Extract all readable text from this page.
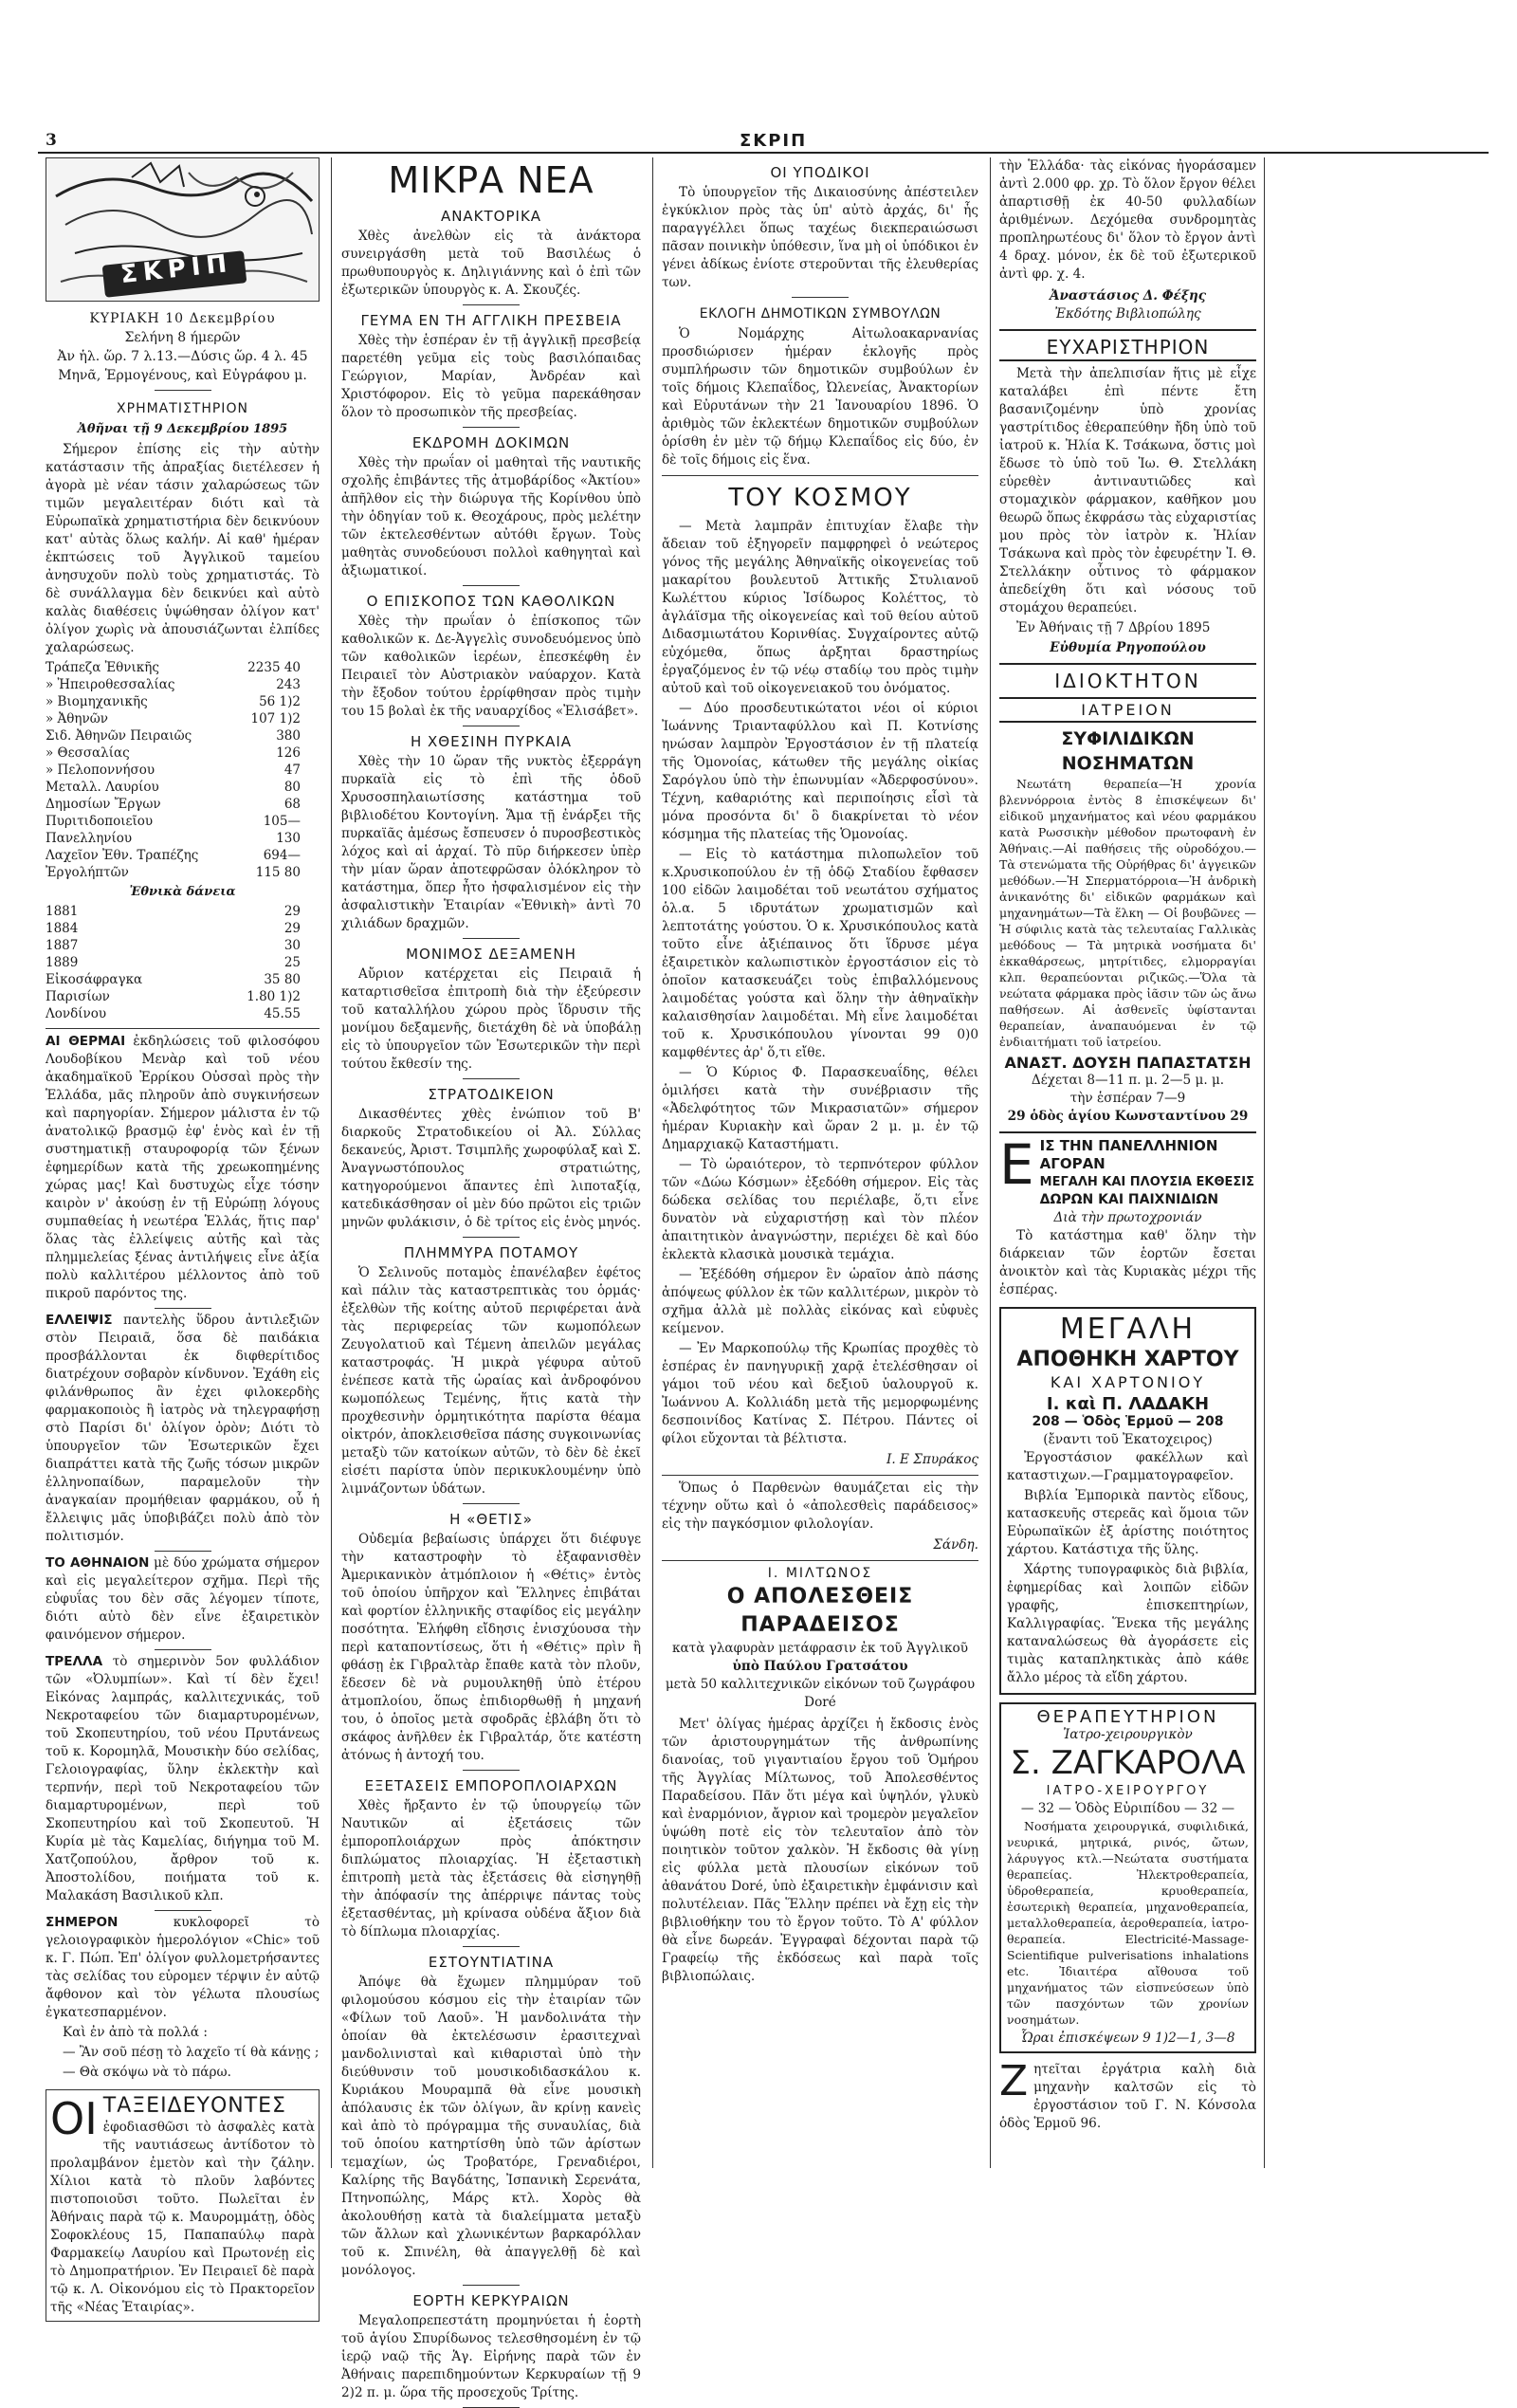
3	ΣΚΡΙΠ
ΣΚΡΙΠ
ΚΥΡΙΑΚΗ 10 Δεκεμβρίου
Σελήνη 8 ήμερῶν
Ἀν ἡλ. ὥρ. 7 λ.13.—Δύσις ὥρ. 4 λ. 45
Μηνᾶ, Ἑρμογένους, καὶ Εὐγράφου μ.
ΧΡΗΜΑΤΙΣΤΗΡΙΟΝ
Ἀθῆναι τῇ 9 Δεκεμβρίου 1895
Σήμερον ἐπίσης εἰς τὴν αὐτὴν κατάστασιν τῆς ἀπραξίας διετέλεσεν ἡ ἀγορὰ μὲ νέαν τάσιν χαλαρώσεως τῶν τιμῶν μεγαλειτέραν διότι καὶ τὰ Εὐρωπαϊκὰ χρηματιστήρια δὲν δεικνύουν κατ' αὐτὰς ὅλως καλήν. Αἱ καθ' ἡμέραν ἐκπτώσεις τοῦ Ἀγγλικοῦ ταμείου ἀνησυχοῦν πολὺ τοὺς χρηματιστάς. Τὸ δὲ συνάλλαγμα δὲν δεικνύει καὶ αὐτὸ καλὰς διαθέσεις ὑψώθησαν ὀλίγον κατ' ὀλίγον χωρὶς νὰ ἀπουσιάζωνται ἐλπίδες χαλαρώσεως.
Τράπεζα Ἐθνικῆς	2235 40
» Ἠπειροθεσσαλίας	243
» Βιομηχανικῆς	56 1)2
» Ἀθηνῶν	107 1)2
Σιδ. Ἀθηνῶν Πειραιῶς	380
» Θεσσαλίας	126
» Πελοποννήσου	47
Μεταλλ. Λαυρίου	80
Δημοσίων Ἔργων	68
Πυριτιδοποιεῖου	105—
Πανελληνίου	130
Λαχεῖον Ἐθν. Τραπέζης	694—
Ἐργολήπτῶν	115 80
Ἐθνικὰ δάνεια
1881	29
1884	29
1887	30
1889	25
Εἰκοσάφραγκα	35 80
Παρισίων	1.80 1)2
Λονδίνου	45.55
ΑΙ ΘΕΡΜΑΙ ἐκδηλώσεις τοῦ φιλοσόφου Λουδοβίκου Μενὰρ καὶ τοῦ νέου ἀκαδημαϊκοῦ Ἐρρίκου Οὐσσαὶ πρὸς τὴν Ἑλλάδα, μᾶς πληροῦν ἀπὸ συγκινήσεων καὶ παρηγορίαν. Σήμερον μάλιστα ἐν τῷ ἀνατολικῷ βρασμῷ ἐφ' ἑνὸς καὶ ἐν τῇ συστηματικῇ σταυροφορίᾳ τῶν ξένων ἐφημερίδων κατὰ τῆς χρεωκοπημένης χώρας μας! Καὶ δυστυχὼς εἶχε τόσην καιρὸν ν' ἀκούσῃ ἐν τῇ Εὐρώπῃ λόγους συμπαθείας ἡ νεωτέρα Ἑλλάς, ἥτις παρ' ὅλας τὰς ἐλλείψεις αὐτῆς καὶ τὰς πλημμελείας ξένας ἀντιλήψεις εἶνε ἀξία πολὺ καλλιτέρου μέλλοντος ἀπὸ τοῦ πικροῦ παρόντος της.
ΕΛΛΕΙΨΙΣ παντελὴς ὕδρου ἀντιλεξιῶν στὸν Πειραιᾶ, ὅσα δὲ παιδάκια προσβάλλονται ἐκ διφθερίτιδος διατρέχουν σοβαρὸν κίνδυνον. Ἐχάθη εἰς φιλάνθρωπος ἂν ἐχει φιλοκερδὴς φαρμακοποιὸς ἢ ἰατρὸς νὰ τηλεγραφήσῃ στὸ Παρίσι δι' ὀλίγον ὀρὸν; Διότι τὸ ὑπουργεῖον τῶν Ἐσωτερικῶν ἔχει διαπράττει κατὰ τῆς ζωῆς τόσων μικρῶν ἑλληνοπαίδων, παραμελοῦν τὴν ἀναγκαίαν προμήθειαν φαρμάκου, οὗ ἡ ἔλλειψις μᾶς ὑποβιβάζει πολὺ ἀπὸ τὸν πολιτισμόν.
ΤΟ ΑΘΗΝΑΙΟΝ μὲ δύο χρώματα σήμερον καὶ εἰς μεγαλείτερον σχῆμα. Περὶ τῆς εὐφυΐας του δὲν σᾶς λέγομεν τίποτε, διότι αὐτὸ δὲν εἶνε ἐξαιρετικὸν φαινόμενον σήμερον.
ΤΡΕΛΛΑ τὸ σημερινὸν 5ον φυλλάδιον τῶν «Ὀλυμπίων». Καὶ τί δὲν ἔχει! Εἰκόνας λαμπράς, καλλιτεχνικάς, τοῦ Νεκροταφείου τῶν διαμαρτυρομένων, τοῦ Σκοπευτηρίου, τοῦ νέου Πρυτάνεως τοῦ κ. Κορομηλᾶ, Μουσικὴν δύο σελίδας, Γελοιογραφίας, ὕλην ἐκλεκτὴν καὶ τερπνήν, περὶ τοῦ Νεκροταφείου τῶν διαμαρτυρομένων, περὶ τοῦ Σκοπευτηρίου καὶ τοῦ Σκοπευτοῦ. Ἡ Κυρία μὲ τὰς Καμελίας, διήγημα τοῦ Μ. Χατζοπούλου, ἄρθρον τοῦ κ. Ἀποστολίδου, ποιήματα τοῦ κ. Μαλακάση Βασιλικοῦ κλπ.
ΣΗΜΕΡΟΝ	κυκλοφορεῖ τὸ γελοιογραφικὸν ἡμερολόγιον «Chic» τοῦ κ. Γ. Πώπ. Ἐπ' ὀλίγον φυλλομετρήσαντες τὰς σελίδας του εὑρομεν τέρψιν ἐν αὐτῷ ἄφθονον καὶ τὸν γέλωτα πλουσίως ἐγκατεσπαρμένον.
Καὶ ἐν ἀπὸ τὰ πολλά :
— Ἂν σοῦ πέσῃ τὸ λαχεῖο τί θὰ κάνῃς ;
— Θὰ σκόψω νὰ τὸ πάρω.
ΟΙ ΤΑΞΕΙΔΕΥΟΝΤΕΣ
ἐφοδιασθῶσι τὸ ἀσφαλὲς κατὰ τῆς ναυτιάσεως ἀντίδοτον τὸ προλαμβάνον ἐμετὸν καὶ τὴν ζάλην. Χίλιοι κατὰ τὸ πλοῦν λαβόντες πιστοποιοῦσι τοῦτο. Πωλεῖται ἐν Ἀθήναις παρὰ τῷ κ. Μαυρομμάτῃ, ὁδὸς Σοφοκλέους 15, Παπαπαύλῳ παρὰ Φαρμακείῳ Λαυρίου καὶ Πρωτονέῃ εἰς τὸ Δημοπρατήριον. Ἐν Πειραιεῖ δὲ παρὰ τῷ κ. Λ. Οἰκονόμου εἰς τὸ Πρακτορεῖον τῆς «Νέας Ἑταιρίας».
ΜΙΚΡΑ ΝΕΑ
ΑΝΑΚΤΟΡΙΚΑ
Χθὲς ἀνελθὼν εἰς τὰ ἀνάκτορα συνειργάσθη μετὰ τοῦ Βασιλέως ὁ πρωθυπουργὸς κ. Δηλιγιάννης καὶ ὁ ἐπὶ τῶν ἐξωτερικῶν ὑπουργὸς κ. Α. Σκουζές.
ΓΕΥΜΑ ΕΝ ΤΗ ΑΓΓΛΙΚΗ ΠΡΕΣΒΕΙΑ
Χθὲς τὴν ἑσπέραν ἐν τῇ ἀγγλικῇ πρεσβείᾳ παρετέθη γεῦμα εἰς τοὺς βασιλόπαιδας Γεώργιον, Μαρίαν, Ἀνδρέαν καὶ Χριστόφορον. Εἰς τὸ γεῦμα παρεκάθησαν ὅλον τὸ προσωπικὸν τῆς πρεσβείας.
ΕΚΔΡΟΜΗ ΔΟΚΙΜΩΝ
Χθὲς τὴν πρωΐαν οἱ μαθηταὶ τῆς ναυτικῆς σχολῆς ἐπιβάντες τῆς ἀτμοβάρίδος «Ἀκτίου» ἀπῆλθον εἰς τὴν διώρυγα τῆς Κορίνθου ὑπὸ τὴν ὁδηγίαν τοῦ κ. Θεοχάρους, πρὸς μελέτην τῶν ἐκτελεσθέντων αὐτόθι ἔργων. Τοὺς μαθητὰς συνοδεύουσι πολλοὶ καθηγηταὶ καὶ ἀξιωματικοί.
Ο ΕΠΙΣΚΟΠΟΣ ΤΩΝ ΚΑΘΟΛΙΚΩΝ
Χθὲς τὴν πρωΐαν ὁ ἐπίσκοπος τῶν καθολικῶν κ. Δε-Ἀγγελὶς συνοδευόμενος ὑπὸ τῶν καθολικῶν ἱερέων, ἐπεσκέφθη ἐν Πειραιεῖ τὸν Αὐστριακὸν ναύαρχον. Κατὰ τὴν ἔξοδον τούτου ἐρρίφθησαν πρὸς τιμὴν του 15 βολαὶ ἐκ τῆς ναυαρχίδος «Ἐλισάβετ».
Η ΧΘΕΣΙΝΗ ΠΥΡΚΑΙΑ
Χθὲς τὴν 10 ὥραν τῆς νυκτὸς ἐξερράγη πυρκαϊὰ εἰς τὸ ἐπὶ τῆς ὁδοῦ Χρυσοσπηλαιωτίσσης κατάστημα τοῦ βιβλιοδέτου Κοντογίνη. Ἅμα τῇ ἐνάρξει τῆς πυρκαϊᾶς ἀμέσως ἔσπευσεν ὁ πυροσβεστικὸς λόχος καὶ αἱ ἀρχαί. Τὸ πῦρ διήρκεσεν ὑπὲρ τὴν μίαν ὥραν ἀποτεφρῶσαν ὁλόκληρον τὸ κατάστημα, ὅπερ ἦτο ἠσφαλισμένον εἰς τὴν ἀσφαλιστικὴν Ἑταιρίαν «Ἐθνικὴ» ἀντὶ 70 χιλιάδων δραχμῶν.
ΜΟΝΙΜΟΣ ΔΕΞΑΜΕΝΗ
Αὔριον κατέρχεται εἰς Πειραιᾶ ἡ καταρτισθεῖσα ἐπιτροπὴ διὰ τὴν ἐξεύρεσιν τοῦ καταλλήλου χώρου πρὸς ἵδρυσιν τῆς μονίμου δεξαμενῆς, διετάχθη δὲ νὰ ὑποβάλῃ εἰς τὸ ὑπουργεῖον τῶν Ἐσωτερικῶν τὴν περὶ τούτου ἔκθεσίν της.
ΣΤΡΑΤΟΔΙΚΕΙΟΝ
Δικασθέντες χθὲς ἐνώπιον τοῦ Β' διαρκοῦς Στρατοδικείου οἱ Ἀλ. Σύλλας δεκανεύς, Ἀριστ. Τσιμπλῆς χωροφύλαξ καὶ Σ. Ἀναγνωστόπουλος στρατιώτης, κατηγορούμενοι ἅπαντες ἐπὶ λιποταξίᾳ, κατεδικάσθησαν οἱ μὲν δύο πρῶτοι εἰς τριῶν μηνῶν φυλάκισιν, ὁ δὲ τρίτος εἰς ἑνὸς μηνός.
ΠΛΗΜΜΥΡΑ ΠΟΤΑΜΟΥ
Ὁ Σελινοῦς ποταμὸς ἐπανέλαβεν ἐφέτος καὶ πάλιν τὰς καταστρεπτικὰς του ὁρμάς· ἐξελθὼν τῆς κοίτης αὐτοῦ περιφέρεται ἀνὰ τὰς περιφερείας τῶν κωμοπόλεων Ζευγολατιοῦ καὶ Τέμενη ἀπειλῶν μεγάλας καταστροφάς. Ἡ μικρὰ γέφυρα αὐτοῦ ἐνέπεσε κατὰ τῆς ὡραίας καὶ ἀνδροφόνου κωμοπόλεως Τεμένης, ἥτις κατὰ τὴν προχθεσινὴν ὁρμητικότητα παρίστα θέαμα οἰκτρόν, ἀποκλεισθεῖσα πάσης συγκοινωνίας μεταξὺ τῶν κατοίκων αὐτῶν, τὸ δὲν δὲ ἐκεῖ εἰσέτι παρίστα ὑπὸν περικυκλουμένην ὑπὸ λιμνάζοντων ὑδάτων.
Η «ΘΕΤΙΣ»
Οὐδεμία βεβαίωσις ὑπάρχει ὅτι διέφυγε τὴν καταστροφὴν τὸ ἐξαφανισθὲν Ἀμερικανικὸν ἀτμόπλοιον ἡ «Θέτις» ἐντὸς τοῦ ὁποίου ὑπῆρχον καὶ Ἕλληνες ἐπιβάται καὶ φορτίον ἑλληνικῆς σταφίδος εἰς μεγάλην ποσότητα. Ἐλήφθη εἴδησις ἐνισχύουσα τὴν περὶ καταποντίσεως, ὅτι ἡ «Θέτις» πρὶν ἢ φθάσῃ ἐκ Γιβραλτὰρ ἔπαθε κατὰ τὸν πλοῦν, ἔδεσεν δὲ νὰ ρυμουλκηθῇ ὑπὸ ἑτέρου ἀτμοπλοίου, ὅπως ἐπιδιορθωθῇ ἡ μηχανή του, ὁ ὁποῖος μετὰ σφοδρᾶς ἐβλάβη ὅτι τὸ σκάφος ἀνῆλθεν ἐκ Γιβραλτάρ, ὅτε κατέστη ἀτόνως ἡ ἀντοχή του.
ΕΞΕΤΑΣΕΙΣ ΕΜΠΟΡΟΠΛΟΙΑΡΧΩΝ
Χθὲς ἤρξαντο ἐν τῷ ὑπουργείῳ τῶν Ναυτικῶν αἱ ἐξετάσεις τῶν ἐμποροπλοιάρχων πρὸς ἀπόκτησιν διπλώματος πλοιαρχίας. Ἡ ἐξεταστικὴ ἐπιτροπὴ μετὰ τὰς ἐξετάσεις θὰ εἰσηγηθῇ τὴν ἀπόφασίν της ἀπέρριψε πάντας τοὺς ἐξετασθέντας, μὴ κρίνασα οὐδένα ἄξιον διὰ τὸ δίπλωμα πλοιαρχίας.
ΕΣΤΟΥΝΤΙΑΤΙΝΑ
Ἀπόψε θὰ ἔχωμεν πλημμύραν τοῦ φιλομούσου κόσμου εἰς τὴν ἑταιρίαν τῶν «Φίλων τοῦ Λαοῦ». Ἡ μανδολινάτα τὴν ὁποίαν θὰ ἐκτελέσωσιν ἐρασιτεχναὶ μανδολινισταὶ καὶ κιθαρισταὶ ὑπὸ τὴν διεύθυνσιν τοῦ μουσικοδιδασκάλου κ. Κυριάκου Μουραμπᾶ θὰ εἶνε μουσικὴ ἀπόλαυσις ἐκ τῶν ὀλίγων, ἂν κρίνῃ κανεὶς καὶ ἀπὸ τὸ πρόγραμμα τῆς συναυλίας, διὰ τοῦ ὁποίου κατηρτίσθη ὑπὸ τῶν ἀρίστων τεμαχίων, ὡς Τροβατόρε, Γρεναδιέροι, Καλίρης τῆς Βαγδάτης, Ἰσπανικὴ Σερενάτα, Πτηνοπώλης, Μάρς κτλ. Χορὸς θὰ ἀκολουθήσῃ κατὰ τὰ διαλείμματα μεταξὺ τῶν ἄλλων καὶ χλωνικέντων βαρκαρόλλαν τοῦ κ. Σπινέλη, θὰ ἀπαγγελθῇ δὲ καὶ μονόλογος.
ΕΟΡΤΗ ΚΕΡΚΥΡΑΙΩΝ
Μεγαλοπρεπεστάτη προμηνύεται ἡ ἑορτὴ τοῦ ἁγίου Σπυρίδωνος τελεσθησομένη ἐν τῷ ἱερῷ ναῷ τῆς Ἁγ. Εἰρήνης παρὰ τῶν ἐν Ἀθήναις παρεπιδημούντων Κερκυραίων τῇ 9 2)2 π. μ. ὥρα τῆς προσεχοῦς Τρίτης.
ΟΙ ΥΠΟΔΙΚΟΙ
Τὸ ὑπουργεῖον τῆς Δικαιοσύνης ἀπέστειλεν ἐγκύκλιον πρὸς τὰς ὑπ' αὐτὸ ἀρχάς, δι' ἧς παραγγέλλει ὅπως ταχέως διεκπεραιώσωσι πᾶσαν ποινικὴν ὑπόθεσιν, ἵνα μὴ οἱ ὑπόδικοι ἐν γένει ἀδίκως ἐνίοτε στεροῦνται τῆς ἐλευθερίας των.
ΕΚΛΟΓΗ ΔΗΜΟΤΙΚΩΝ ΣΥΜΒΟΥΛΩΝ
Ὁ Νομάρχης Αἰτωλοακαρνανίας προσδιώρισεν ἡμέραν ἐκλογῆς πρὸς συμπλήρωσιν τῶν δημοτικῶν συμβούλων ἐν τοῖς δήμοις Κλεπαΐδος, Ὠλενείας, Ἀνακτορίων καὶ Εὐρυτάνων τὴν 21 Ἰανουαρίου 1896. Ὁ ἀριθμὸς τῶν ἐκλεκτέων δημοτικῶν συμβούλων ὁρίσθη ἐν μὲν τῷ δήμῳ Κλεπαΐδος εἰς δύο, ἐν δὲ τοῖς δήμοις εἰς ἕνα.
ΤΟΥ ΚΟΣΜΟΥ
— Μετὰ λαμπρᾶν ἐπιτυχίαν ἔλαβε τὴν ἄδειαν τοῦ ἐξηγορεῖν παμφρηφεὶ ὁ νεώτερος γόνος τῆς μεγάλης Ἀθηναϊκῆς οἰκογενείας τοῦ μακαρίτου βουλευτοῦ Ἀττικῆς Στυλιανοῦ Κωλέττου κύριος Ἰσίδωρος Κολέττος, τὸ ἀγλάϊσμα τῆς οἰκογενείας καὶ τοῦ θείου αὐτοῦ Διδασμιωτάτου Κορινθίας. Συγχαίροντες αὐτῷ εὐχόμεθα, ὅπως ἀρξηται δραστηρίως ἐργαζόμενος ἐν τῷ νέῳ σταδίῳ του πρὸς τιμὴν αὐτοῦ καὶ τοῦ οἰκογενειακοῦ του ὀνόματος.
— Δύο προσδευτικώτατοι νέοι οἱ κύριοι Ἰωάννης Τριανταφύλλου καὶ Π. Κοτνίσης ηνώσαν λαμπρὸν Ἐργοστάσιον ἐν τῇ πλατείᾳ τῆς Ὁμονοίας, κάτωθεν τῆς μεγάλης οἰκίας Σαρόγλου ὑπὸ τὴν ἐπωνυμίαν «Ἀδερφοσύνου». Τέχνη, καθαριότης καὶ περιποίησις εἶσὶ τὰ μόνα προσόντα δι' ὃ διακρίνεται τὸ νέον κόσμημα τῆς πλατείας τῆς Ὁμονοίας.
— Εἰς τὸ κατάστημα πιλοπωλεῖον τοῦ κ.Χρυσικοπούλου ἐν τῇ ὁδῷ Σταδίου ἔφθασεν 100 εἰδῶν λαιμοδέται τοῦ νεωτάτου σχήματος ὁλ.α. 5 ιδρυτάτων χρωματισμῶν καὶ λεπτοτάτης γούστου. Ὁ κ. Χρυσικόπουλος κατὰ τοῦτο εἶνε ἀξιέπαινος ὅτι ἵδρυσε μέγα ἐξαιρετικὸν καλωπιστικὸν ἐργοστάσιον εἰς τὸ ὁποῖον κατασκευάζει τοὺς ἐπιβαλλόμενους λαιμοδέτας γούστα καὶ ὅλην τὴν ἀθηναϊκὴν καλαισθησίαν λαιμοδέται. Μὴ εἶνε λαιμοδέται τοῦ κ. Χρυσικόπουλου γίνονται 99 0)0 καμφθέντες ἀρ' ὅ,τι εἴθε.
— Ὁ Κύριος Φ. Παρασκευαΐδης, θέλει ὁμιλήσει κατὰ τὴν συνέβριασιν τῆς «Ἀδελφότητος τῶν Μικρασιατῶν» σήμερον ἡμέραν Κυριακὴν καὶ ὥραν 2 μ. μ. ἐν τῷ Δημαρχιακῷ Καταστήματι.
— Τὸ ὡραιότερον, τὸ τερπνότερον φύλλον τῶν «Δώω Κόσμων» ἐξεδόθη σήμερον. Εἰς τὰς δώδεκα σελίδας του περιέλαβε, ὅ,τι εἶνε δυνατὸν νὰ εὐχαριστήσῃ καὶ τὸν πλέον ἀπαιτητικὸν ἀναγνώστην, περιέχει δὲ καὶ δύο ἐκλεκτὰ κλασικὰ μουσικὰ τεμάχια.
— Ἐξέδόθη σήμερον ἓν ὡραῖον ἀπὸ πάσης ἀπόψεως φύλλον ἐκ τῶν καλλιτέρων, μικρὸν τὸ σχῆμα ἀλλὰ μὲ πολλὰς εἰκόνας καὶ εὐφυὲς κείμενον.
— Ἐν Μαρκοπούλῳ τῆς Κρωπίας προχθὲς τὸ ἑσπέρας ἐν πανηγυρικῇ χαρᾷ ἐτελέσθησαν οἱ γάμοι τοῦ νέου καὶ δεξιοῦ ὑαλουργοῦ κ. Ἰωάννου Α. Κολλιάδη μετὰ τῆς μεμορφωμένης δεσποινίδος Κατίνας Σ. Πέτρου. Πάντες οἱ φίλοι εὔχονται τὰ βέλτιστα.
Ι. Ε Σπυράκος
Ὅπως ὁ Παρθενὼν θαυμάζεται εἰς τὴν τέχνην οὕτω καὶ ὁ «ἀπολεσθεὶς παράδεισος» εἰς τὴν παγκόσμιον φιλολογίαν.
Σάνδη.
Ι. ΜΙΛΤΩΝΟΣ
Ο ΑΠΟΛΕΣΘΕΙΣ ΠΑΡΑΔΕΙΣΟΣ
κατὰ γλαφυρὰν μετάφρασιν ἐκ τοῦ Ἀγγλικοῦ
ὑπὸ Παύλου Γρατσάτου
μετὰ 50 καλλιτεχνικῶν εἰκόνων τοῦ ζωγράφου Doré
Μετ' ὀλίγας ἡμέρας ἀρχίζει ἡ ἔκδοσις ἑνὸς τῶν ἀριστουργημάτων τῆς ἀνθρωπίνης διανοίας, τοῦ γιγαντιαίου ἔργου τοῦ Ὁμήρου τῆς Ἀγγλίας Μίλτωνος, τοῦ Ἀπολεσθέντος Παραδείσου. Πᾶν ὅτι μέγα καὶ ὑψηλόν, γλυκὺ καὶ ἐναρμόνιον, ἄγριον καὶ τρομερὸν μεγαλεῖον ὑψώθη ποτὲ εἰς τὸν τελευταῖον ἀπὸ τὸν ποιητικὸν τοῦτον χαλκὸν. Ἡ ἔκδοσις θὰ γίνῃ εἰς φύλλα μετὰ πλουσίων εἰκόνων τοῦ ἀθανάτου Doré, ὑπὸ ἐξαιρετικὴν ἐμφάνισιν καὶ πολυτέλειαν. Πᾶς Ἕλλην πρέπει νὰ ἔχῃ εἰς τὴν βιβλιοθήκην του τὸ ἔργον τοῦτο. Τὸ Α' φύλλον θὰ εἶνε δωρεάν. Ἐγγραφαὶ δέχονται παρὰ τῷ Γραφείῳ τῆς ἐκδόσεως καὶ παρὰ τοῖς βιβλιοπώλαις.
τὴν Ἑλλάδα· τὰς εἰκόνας ἠγοράσαμεν ἀντὶ 2.000 φρ. χρ. Τὸ ὅλον ἔργον θέλει ἀπαρτισθῇ ἐκ 40-50 φυλλαδίων ἀριθμένων. Δεχόμεθα συνδρομητὰς προπληρωτέους δι' ὅλον τὸ ἔργον ἀντὶ 4 δραχ. μόνον, ἐκ δὲ τοῦ ἐξωτερικοῦ ἀντὶ φρ. χ. 4.
Ἀναστάσιος Δ. Φέξης
Ἐκδότης Βιβλιοπώλης
ΕΥΧΑΡΙΣΤΗΡΙΟΝ
Μετὰ τὴν ἀπελπισίαν ἥτις μὲ εἶχε καταλάβει ἐπὶ πέντε ἔτη βασανιζομένην ὑπὸ χρονίας γαστρίτιδος ἐθεραπεύθην ἤδη ὑπὸ τοῦ ἰατροῦ κ. Ἠλία Κ. Τσάκωνα, ὅστις μοὶ ἔδωσε τὸ ὑπὸ τοῦ Ἰω. Θ. Στελλάκη εὑρεθὲν ἀντιναυτιῶδες καὶ στομαχικὸν φάρμακον, καθῆκον μου θεωρῶ ὅπως ἐκφράσω τὰς εὐχαριστίας μου πρὸς τὸν ἰατρὸν κ. Ἠλίαν Τσάκωνα καὶ πρὸς τὸν ἐφευρέτην Ἰ. Θ. Στελλάκην οὗτινος τὸ φάρμακον ἀπεδείχθη ὅτι καὶ νόσους τοῦ στομάχου θεραπεύει.
Ἐν Ἀθήναις τῇ 7 Δβρίου 1895
Εὐθυμία Ρηγοπούλου
ΙΔΙΟΚΤΗΤΟΝ
ΙΑΤΡΕΙΟΝ
ΣΥΦΙΛΙΔΙΚΩΝ ΝΟΣΗΜΑΤΩΝ
Νεωτάτη θεραπεία—Ἡ χρονία βλεννόρροια ἐντὸς 8 ἐπισκέψεων δι' εἰδικοῦ μηχανήματος καὶ νέου φαρμάκου κατὰ Ρωσσικὴν μέθοδον πρωτοφανὴ ἐν Ἀθήναις.—Αἱ παθήσεις τῆς οὐροδόχου.—Τὰ στενώματα τῆς Οὐρήθρας δι' ἀγγεικῶν μεθόδων.—Ἡ Σπερματόρροια—Ἡ ἀνδρικὴ ἀνικανότης δι' εἰδικῶν φαρμάκων καὶ μηχανημάτων—Τὰ ἕλκη — Οἱ βουβῶνες — Ἡ σύφιλις κατὰ τὰς τελευταίας Γαλλικὰς μεθόδους — Τὰ μητρικὰ νοσήματα δι' ἐκκαθάρσεως, μητρίτιδες, ελμορραγίαι κλπ. θεραπεύονται ριζικῶς.—Ὅλα τὰ νεώτατα φάρμακα πρὸς ἰᾶσιν τῶν ὡς ἄνω παθήσεων. Αἱ ἀσθενεῖς ὑφίστανται θεραπείαν, ἀναπαυόμεναι ἐν τῷ ἐνδιαιτήματι τοῦ ἰατρείου.
ΑΝΑΣΤ. ΔΟΥΣΗ ΠΑΠΑΣΤΑΤΣΗ
Δέχεται 8—11 π. μ. 2—5 μ. μ.
τὴν ἑσπέραν 7—9
29 ὁδὸς ἁγίου Κωνσταντίνου 29
Ε ΙΣ ΤΗΝ ΠΑΝΕΛΛΗΝΙΟΝ ΑΓΟΡΑΝ
ΜΕΓΑΛΗ ΚΑΙ ΠΛΟΥΣΙΑ ΕΚΘΕΣΙΣ
ΔΩΡΩΝ ΚΑΙ ΠΑΙΧΝΙΔΙΩΝ
Διὰ τὴν πρωτοχρονιάν
Τὸ κατάστημα καθ' ὅλην τὴν διάρκειαν τῶν ἑορτῶν ἔσεται ἀνοικτὸν καὶ τὰς Κυριακὰς μέχρι τῆς ἑσπέρας.
ΜΕΓΑΛΗ
ΑΠΟΘΗΚΗ ΧΑΡΤΟΥ
ΚΑΙ ΧΑΡΤΟΝΙΟΥ
Ι. καὶ Π. ΛΑΔΑΚΗ
208 — Ὁδὸς Ἑρμοῦ — 208
(ἔναντι τοῦ Ἐκατοχειρος)
Ἐργοστάσιον φακέλλων καὶ καταστιχων.—Γραμματογραφεῖον.
Βιβλία Ἐμπορικὰ παντὸς εἴδους, κατασκευῆς στερεᾶς καὶ ὅμοια τῶν Εὐρωπαϊκῶν ἐξ ἀρίστης ποιότητος χάρτου. Κατάστιχα τῆς ὕλης.
Χάρτης τυπογραφικὸς διὰ βιβλία, ἐφημερίδας καὶ λοιπῶν εἰδῶν γραφῆς, ἐπισκεπτηρίων, Καλλιγραφίας. Ἕνεκα τῆς μεγάλης καταναλώσεως θὰ ἀγοράσετε εἰς τιμὰς καταπληκτικὰς ἀπὸ κάθε ἄλλο μέρος τὰ εἴδη χάρτου.
ΘΕΡΑΠΕΥΤΗΡΙΟΝ
Ἰατρο-χειρουργικὸν
Σ. ΖΑΓΚΑΡΟΛΑ
ΙΑΤΡΟ-ΧΕΙΡΟΥΡΓΟΥ
— 32 — Ὁδὸς Εὐριπίδου — 32 —
Νοσήματα χειρουργικά, συφιλιδικά, νευρικά, μητρικά, ρινός, ὤτων, λάρυγγος κτλ.—Νεώτατα συστήματα θεραπείας. Ἠλεκτροθεραπεία, ὑδροθεραπεία, κρυοθεραπεία, ἐσωτερικὴ θεραπεία, μηχανοθεραπεία, μεταλλοθεραπεία, ἀεροθεραπεία, ἰατρο-θεραπεία. Electricité-Massage-Scientifique pulverisations inhalations etc. Ἰδιαιτέρα αἴθουσα τοῦ μηχανήματος τῶν εἰσπνεύσεων ὑπὸ τῶν πασχόντων τῶν χρονίων νοσημάτων.
Ὧραι ἐπισκέψεων 9 1)2—1, 3—8
Ζ ητεῖται ἐργάτρια καλὴ διὰ μηχανὴν καλτσῶν εἰς τὸ ἐργοστάσιον τοῦ Γ. Ν. Κόνσολα ὁδὸς Ἑρμοῦ 96.
